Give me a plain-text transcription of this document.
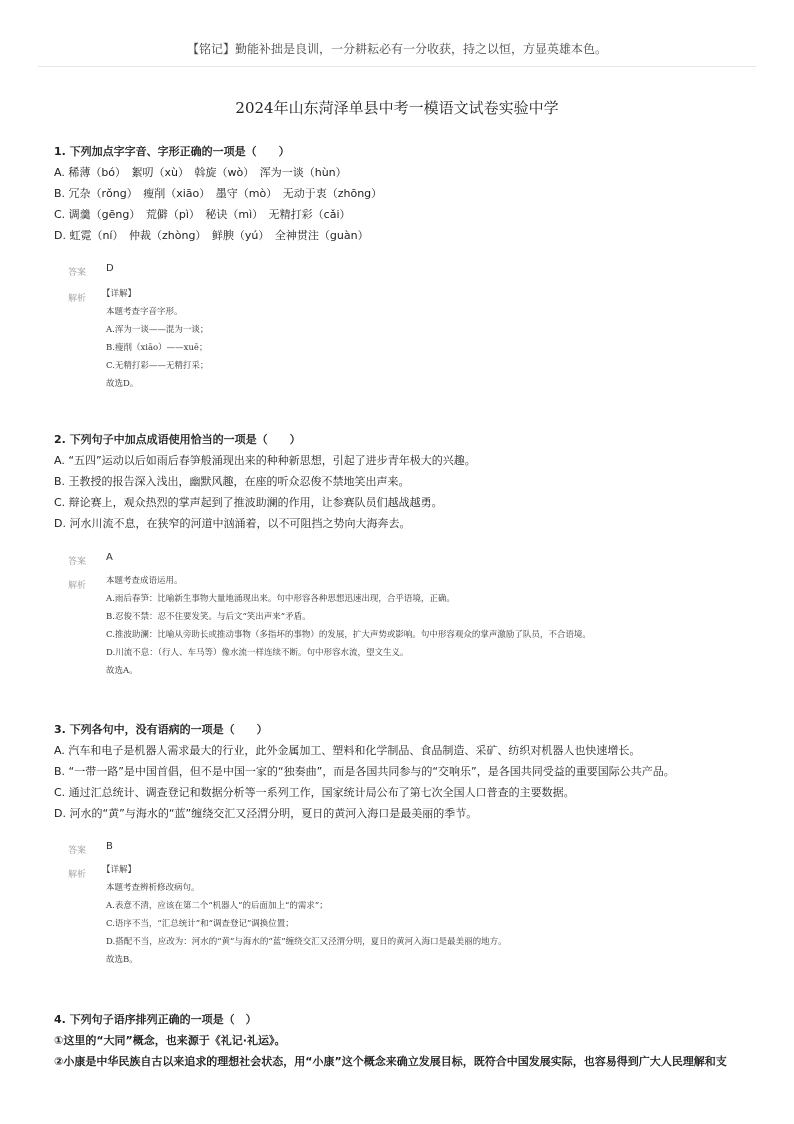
【铭记】勤能补拙是良训，一分耕耘必有一分收获，持之以恒，方显英雄本色。
2024年山东菏泽单县中考一模语文试卷实验中学
1. 下列加点字字音、字形正确的一项是（　　）
A. 稀薄（bó）　絮叨（xù）　斡旋（wò）　浑为一谈（hùn）
B. 冗杂（rǒng）　瘦削（xiāo）　墨守（mò）　无动于衷（zhōng）
C. 调羹（gēng）　荒僻（pì）　秘诀（mì）　无精打彩（cǎi）
D. 虹霓（ní）　仲裁（zhòng）　鲜腴（yú）　全神贯注（guàn）
答案 D
解析 【详解】
本题考查字音字形。
A.浑为一谈——混为一谈；
B.瘦削（xiāo）——xuē；
C.无精打彩——无精打采；
故选D。
2. 下列句子中加点成语使用恰当的一项是（　　）
A. “五四”运动以后如雨后春笋般涌现出来的种种新思想，引起了进步青年极大的兴趣。
B. 王教授的报告深入浅出，幽默风趣，在座的听众忍俊不禁地笑出声来。
C. 辩论赛上，观众热烈的掌声起到了推波助澜的作用，让参赛队员们越战越勇。
D. 河水川流不息，在狭窄的河道中汹涌着，以不可阻挡之势向大海奔去。
答案 A
解析 本题考查成语运用。
A.雨后春笋：比喻新生事物大量地涌现出来。句中形容各种思想迅速出现，合乎语境，正确。
B.忍俊不禁：忍不住要发笑。与后文“笑出声来”矛盾。
C.推波助澜：比喻从旁助长或推动事物（多指坏的事物）的发展，扩大声势或影响。句中形容观众的掌声激励了队员，不合语境。
D.川流不息：（行人、车马等）像水流一样连续不断。句中形容水流，望文生义。
故选A。
3. 下列各句中，没有语病的一项是（　　）
A. 汽车和电子是机器人需求最大的行业，此外金属加工、塑料和化学制品、食品制造、采矿、纺织对机器人也快速增长。
B. “一带一路”是中国首倡，但不是中国一家的“独奏曲”，而是各国共同参与的“交响乐”，是各国共同受益的重要国际公共产品。
C. 通过汇总统计、调查登记和数据分析等一系列工作，国家统计局公布了第七次全国人口普查的主要数据。
D. 河水的“黄”与海水的“蓝”缠绕交汇又泾渭分明，夏日的黄河入海口是最美丽的季节。
答案 B
解析 【详解】
本题考查辨析修改病句。
A.表意不清，应该在第二个“机器人”的后面加上“的需求”；
C.语序不当，“汇总统计”和“调查登记”调换位置；
D.搭配不当，应改为：河水的“黄”与海水的“蓝”缠绕交汇又泾渭分明，夏日的黄河入海口是最美丽的地方。
故选B。
4. 下列句子语序排列正确的一项是（　）
①这里的“大同”概念，也来源于《礼记·礼运》。
②小康是中华民族自古以来追求的理想社会状态，用“小康”这个概念来确立发展目标，既符合中国发展实际，也容易得到广大人民理解和支
